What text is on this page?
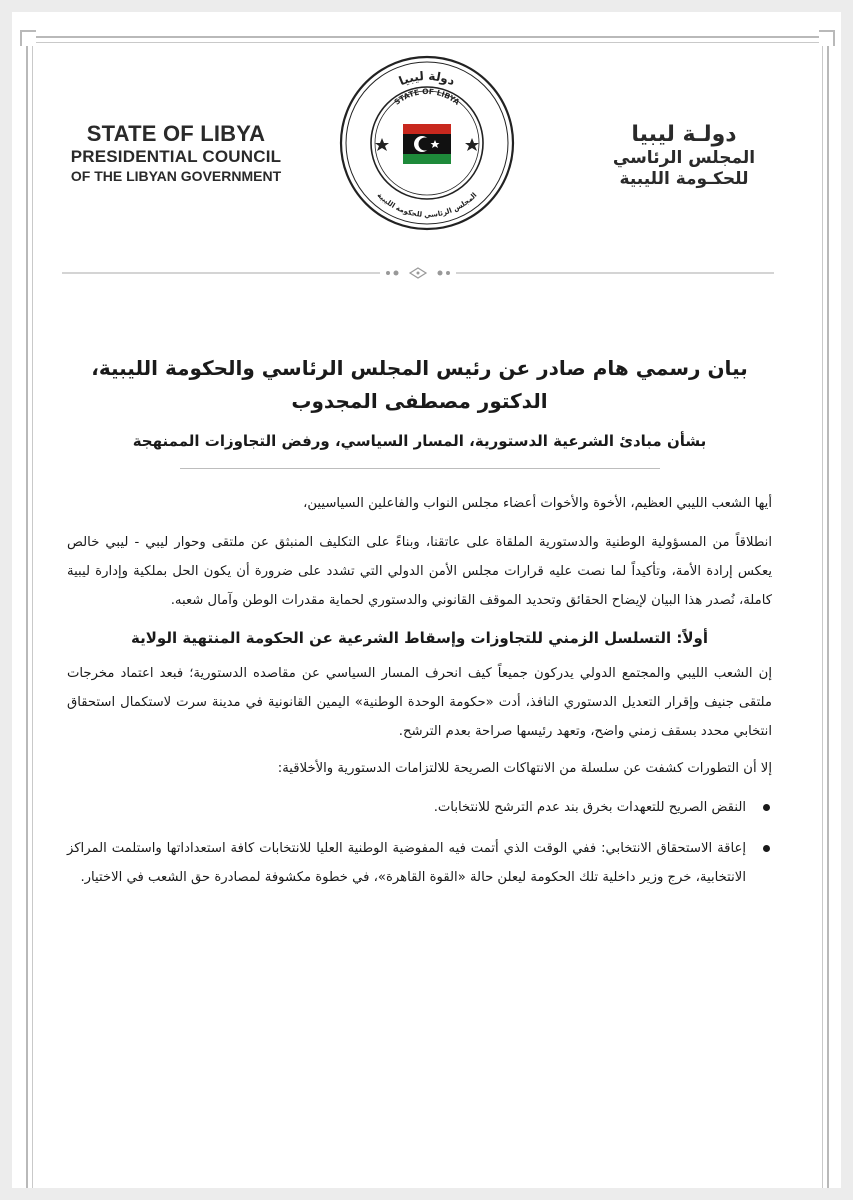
STATE OF LIBYA
PRESIDENTIAL COUNCIL
OF THE LIBYAN GOVERNMENT
دولة ليبيا
STATE OF LIBYA
المجلس الرئاسي للحكومة الليبية
دولـة ليبيا
المجلس الرئاسي
للحكـومة الليبية
بيان رسمي هام صادر عن رئيس المجلس الرئاسي والحكومة الليبية، الدكتور مصطفى المجدوب
بشأن مبادئ الشرعية الدستورية، المسار السياسي، ورفض التجاوزات الممنهجة

أيها الشعب الليبي العظيم، الأخوة والأخوات أعضاء مجلس النواب والفاعلين السياسيين،

انطلاقاً من المسؤولية الوطنية والدستورية الملقاة على عاتقنا، وبناءً على التكليف المنبثق عن ملتقى وحوار ليبي - ليبي خالص يعكس إرادة الأمة، وتأكيداً لما نصت عليه قرارات مجلس الأمن الدولي التي تشدد على ضرورة أن يكون الحل بملكية وإدارة ليبية كاملة، نُصدر هذا البيان لإيضاح الحقائق وتحديد الموقف القانوني والدستوري لحماية مقدرات الوطن وآمال شعبه.

أولاً: التسلسل الزمني للتجاوزات وإسقاط الشرعية عن الحكومة المنتهية الولاية

إن الشعب الليبي والمجتمع الدولي يدركون جميعاً كيف انحرف المسار السياسي عن مقاصده الدستورية؛ فبعد اعتماد مخرجات ملتقى جنيف وإقرار التعديل الدستوري النافذ، أدت «حكومة الوحدة الوطنية» اليمين القانونية في مدينة سرت لاستكمال استحقاق انتخابي محدد بسقف زمني واضح، وتعهد رئيسها صراحة بعدم الترشح.

إلا أن التطورات كشفت عن سلسلة من الانتهاكات الصريحة للالتزامات الدستورية والأخلاقية:

النقض الصريح للتعهدات بخرق بند عدم الترشح للانتخابات.
إعاقة الاستحقاق الانتخابي: ففي الوقت الذي أتمت فيه المفوضية الوطنية العليا للانتخابات كافة استعداداتها واستلمت المراكز الانتخابية، خرج وزير داخلية تلك الحكومة ليعلن حالة «القوة القاهرة»، في خطوة مكشوفة لمصادرة حق الشعب في الاختيار.
